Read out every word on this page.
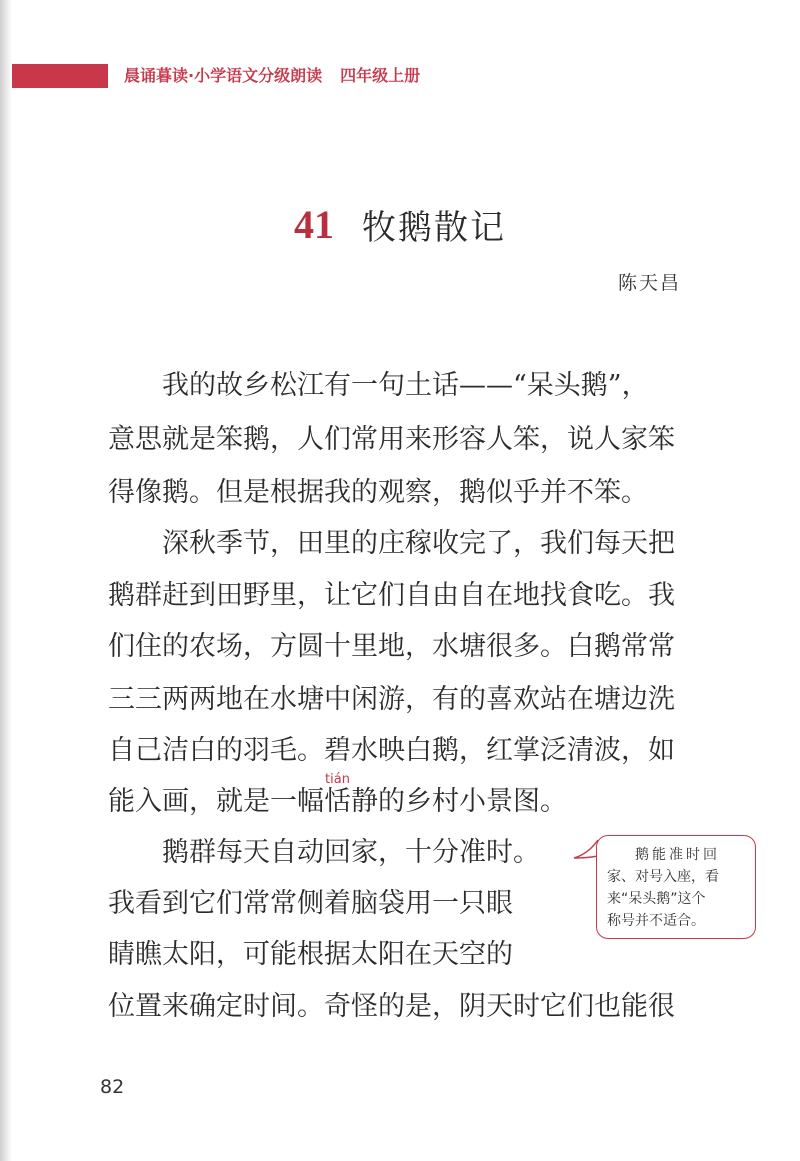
晨诵暮读·小学语文分级朗读 四年级上册
41 牧鹅散记
陈天昌
我的故乡松江有一句土话——“呆头鹅”，
意思就是笨鹅，人们常用来形容人笨，说人家笨
得像鹅。但是根据我的观察，鹅似乎并不笨。
深秋季节，田里的庄稼收完了，我们每天把
鹅群赶到田野里，让它们自由自在地找食吃。我
们住的农场，方圆十里地，水塘很多。白鹅常常
三三两两地在水塘中闲游，有的喜欢站在塘边洗
自己洁白的羽毛。碧水映白鹅，红掌泛清波，如
能入画，就是一幅
tián
恬静的乡村小景图。
鹅群每天自动回家，十分准时。
我看到它们常常侧着脑袋用一只眼
睛瞧太阳，可能根据太阳在天空的
位置来确定时间。奇怪的是，阴天时它们也能很
鹅能准时回
家、对号入座，看
来“呆头鹅”这个
称号并不适合。
82
